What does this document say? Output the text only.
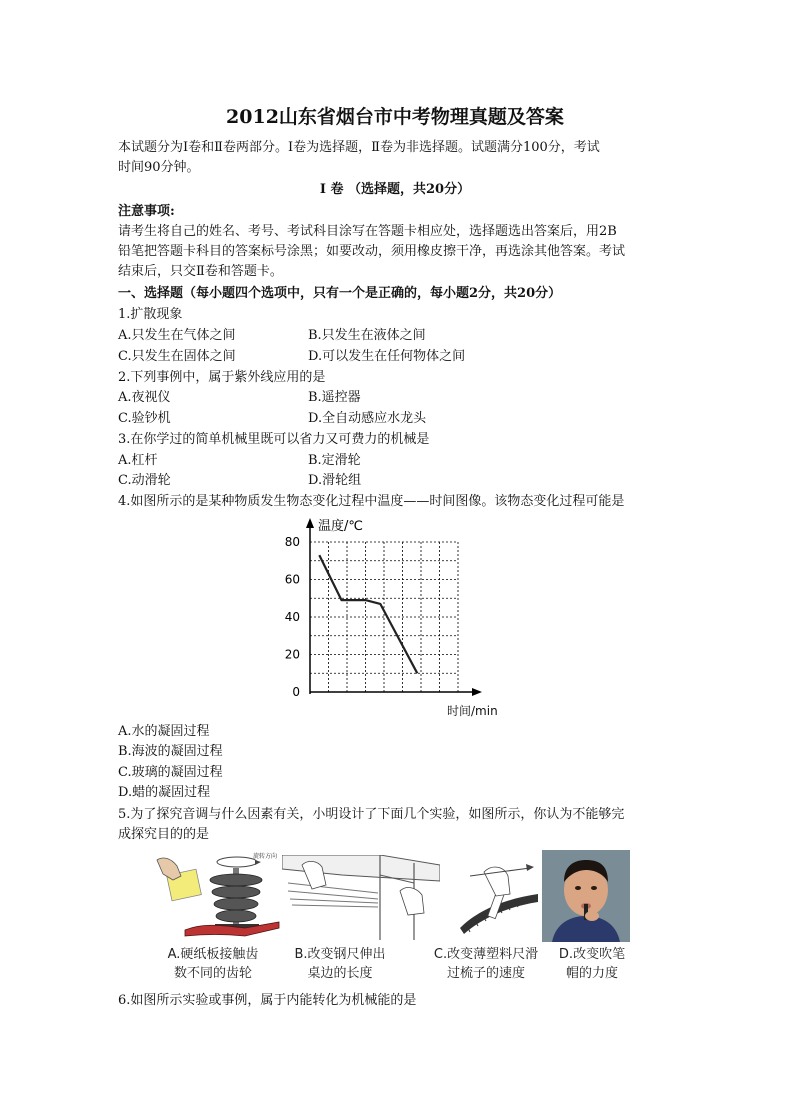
2012山东省烟台市中考物理真题及答案
本试题分为Ⅰ卷和Ⅱ卷两部分。Ⅰ卷为选择题，Ⅱ卷为非选择题。试题满分100分，考试
时间90分钟。
Ⅰ 卷 （选择题，共20分）
注意事项:
请考生将自己的姓名、考号、考试科目涂写在答题卡相应处，选择题选出答案后，用2B
铅笔把答题卡科目的答案标号涂黑；如要改动，须用橡皮擦干净，再选涂其他答案。考试
结束后，只交Ⅱ卷和答题卡。
一、选择题（每小题四个选项中，只有一个是正确的，每小题2分，共20分）
1.扩散现象
A.只发生在气体之间	B.只发生在液体之间
C.只发生在固体之间	D.可以发生在任何物体之间
2.下列事例中，属于紫外线应用的是
A.夜视仪	B.遥控器
C.验钞机	D.全自动感应水龙头
3.在你学过的简单机械里既可以省力又可费力的机械是
A.杠杆	B.定滑轮
C.动滑轮	D.滑轮组
4.如图所示的是某种物质发生物态变化过程中温度——时间图像。该物态变化过程可能是
温度/℃
0
20
40
60
80
时间/min
A.水的凝固过程
B.海波的凝固过程
C.玻璃的凝固过程
D.蜡的凝固过程
5.为了探究音调与什么因素有关，小明设计了下面几个实验，如图所示，你认为不能够完
成探究目的的是
旋转方向
A.硬纸板接触齿
数不同的齿轮
B.改变钢尺伸出
桌边的长度
C.改变薄塑料尺滑
过梳子的速度
D.改变吹笔
帽的力度
6.如图所示实验或事例，属于内能转化为机械能的是
